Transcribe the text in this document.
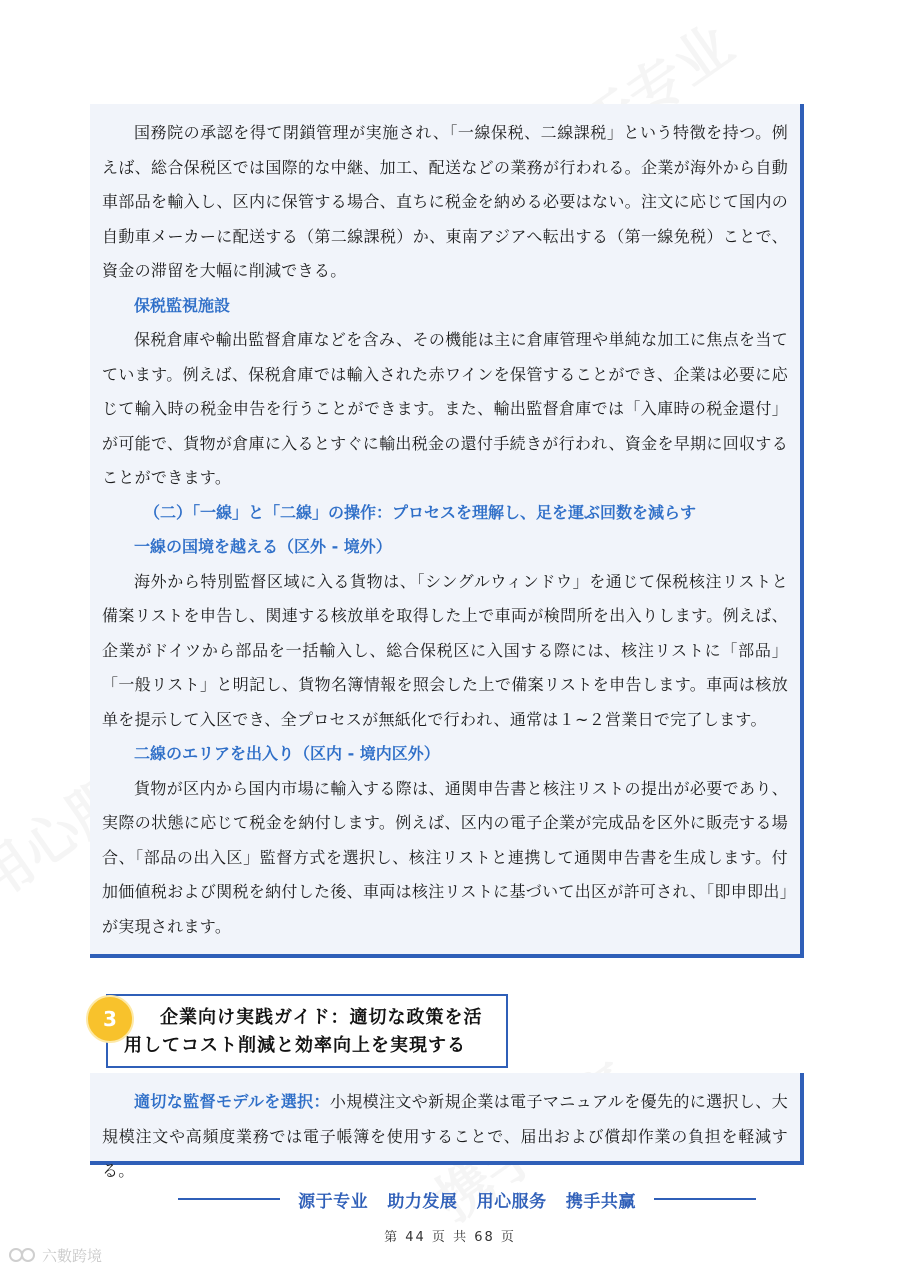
国務院の承認を得て閉鎖管理が実施され、「一線保税、二線課税」という特徴を持つ。例えば、総合保税区では国際的な中継、加工、配送などの業務が行われる。企業が海外から自動車部品を輸入し、区内に保管する場合、直ちに税金を納める必要はない。注文に応じて国内の自動車メーカーに配送する（第二線課税）か、東南アジアへ転出する（第一線免税）ことで、資金の滞留を大幅に削減できる。

保税監視施設

保税倉庫や輸出監督倉庫などを含み、その機能は主に倉庫管理や単純な加工に焦点を当てています。例えば、保税倉庫では輸入された赤ワインを保管することができ、企業は必要に応じて輸入時の税金申告を行うことができます。また、輸出監督倉庫では「入庫時の税金還付」が可能で、貨物が倉庫に入るとすぐに輸出税金の還付手続きが行われ、資金を早期に回収することができます。

（二）「一線」と「二線」の操作：プロセスを理解し、足を運ぶ回数を減らす

一線の国境を越える（区外 - 境外）

海外から特別監督区域に入る貨物は、「シングルウィンドウ」を通じて保税核注リストと備案リストを申告し、関連する核放単を取得した上で車両が検問所を出入りします。例えば、企業がドイツから部品を一括輸入し、総合保税区に入国する際には、核注リストに「部品」「一般リスト」と明記し、貨物名簿情報を照会した上で備案リストを申告します。車両は核放单を提示して入区でき、全プロセスが無紙化で行われ、通常は１~２営業日で完了します。

二線のエリアを出入り（区内 - 境内区外）

貨物が区内から国内市場に輸入する際は、通関申告書と核注リストの提出が必要であり、実際の状態に応じて税金を納付します。例えば、区内の電子企業が完成品を区外に販売する場合、「部品の出入区」監督方式を選択し、核注リストと連携して通関申告書を生成します。付加価値税および関税を納付した後、車両は核注リストに基づいて出区が許可され、「即申即出」が実現されます。

企業向け実践ガイド：適切な政策を活用してコスト削減と効率向上を実現する
3

適切な監督モデルを選択：小規模注文や新規企業は電子マニュアルを優先的に選択し、大規模注文や高頻度業務では電子帳簿を使用することで、届出および償却作業の負担を軽減する。

源于专业   助力发展   用心服务   携手共赢
第 44 页 共 68 页
六數跨境
